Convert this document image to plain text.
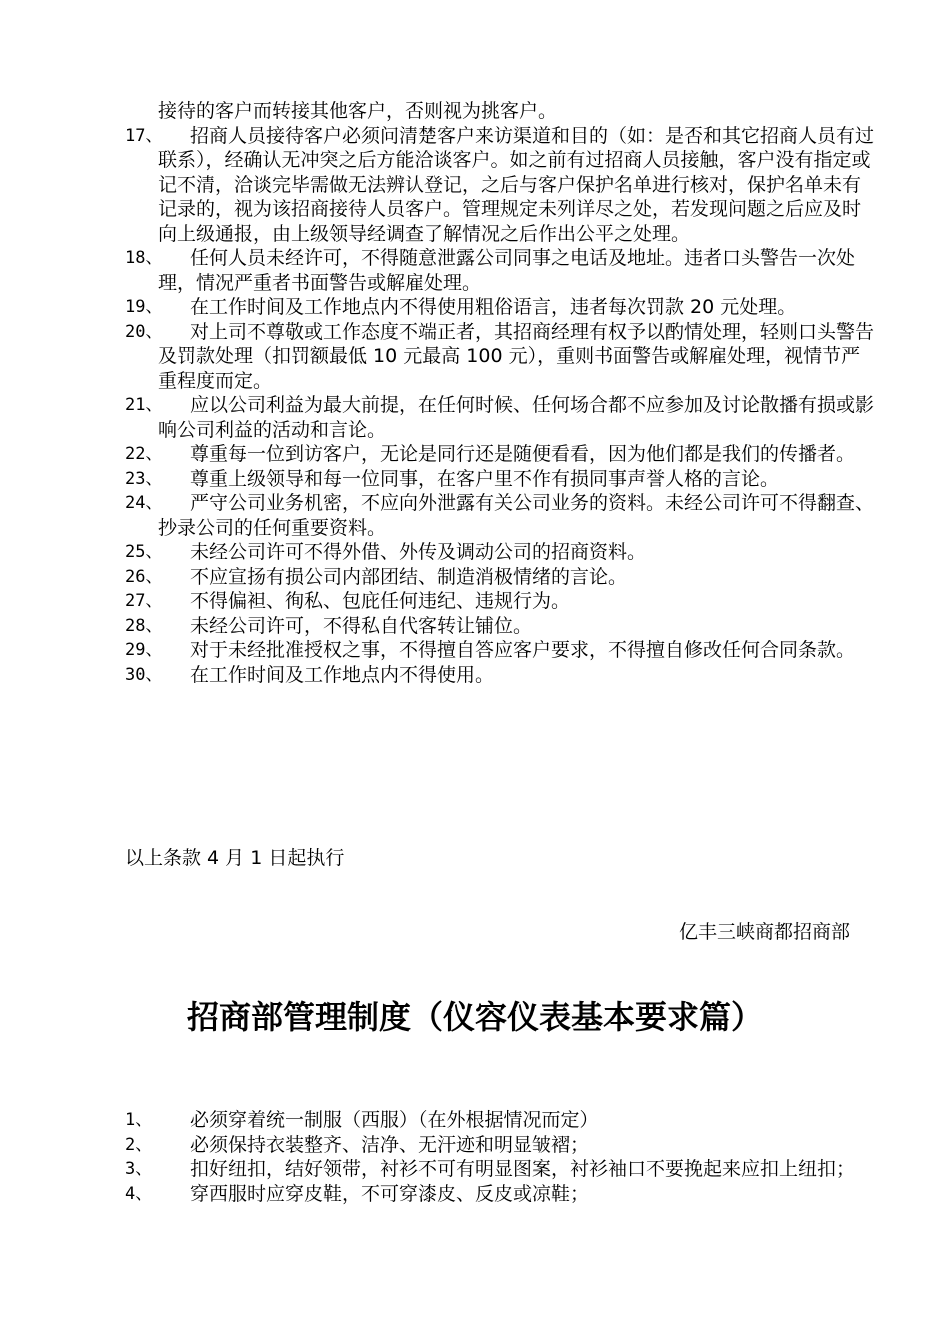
接待的客户而转接其他客户，否则视为挑客户。
17、	招商人员接待客户必须问清楚客户来访渠道和目的（如：是否和其它招商人员有过联系），经确认无冲突之后方能洽谈客户。如之前有过招商人员接触，客户没有指定或记不清，洽谈完毕需做无法辨认登记，之后与客户保护名单进行核对，保护名单未有记录的，视为该招商接待人员客户。管理规定未列详尽之处，若发现问题之后应及时向上级通报，由上级领导经调查了解情况之后作出公平之处理。
18、	任何人员未经许可，不得随意泄露公司同事之电话及地址。违者口头警告一次处理，情况严重者书面警告或解雇处理。
19、	在工作时间及工作地点内不得使用粗俗语言，违者每次罚款 20 元处理。
20、	对上司不尊敬或工作态度不端正者，其招商经理有权予以酌情处理，轻则口头警告及罚款处理（扣罚额最低 10 元最高 100 元），重则书面警告或解雇处理，视情节严重程度而定。
21、	应以公司利益为最大前提，在任何时候、任何场合都不应参加及讨论散播有损或影响公司利益的活动和言论。
22、	尊重每一位到访客户，无论是同行还是随便看看，因为他们都是我们的传播者。
23、	尊重上级领导和每一位同事，在客户里不作有损同事声誉人格的言论。
24、	严守公司业务机密，不应向外泄露有关公司业务的资料。未经公司许可不得翻查、抄录公司的任何重要资料。
25、	未经公司许可不得外借、外传及调动公司的招商资料。
26、	不应宣扬有损公司内部团结、制造消极情绪的言论。
27、	不得偏袒、徇私、包庇任何违纪、违规行为。
28、	未经公司许可，不得私自代客转让铺位。
29、	对于未经批准授权之事，不得擅自答应客户要求，不得擅自修改任何合同条款。
30、	在工作时间及工作地点内不得使用。
以上条款 4 月 1 日起执行
亿丰三峡商都招商部
招商部管理制度（仪容仪表基本要求篇）
1、	必须穿着统一制服（西服）（在外根据情况而定）
2、	必须保持衣装整齐、洁净、无汗迹和明显皱褶；
3、	扣好纽扣，结好领带，衬衫不可有明显图案，衬衫袖口不要挽起来应扣上纽扣；
4、	穿西服时应穿皮鞋，不可穿漆皮、反皮或凉鞋；
